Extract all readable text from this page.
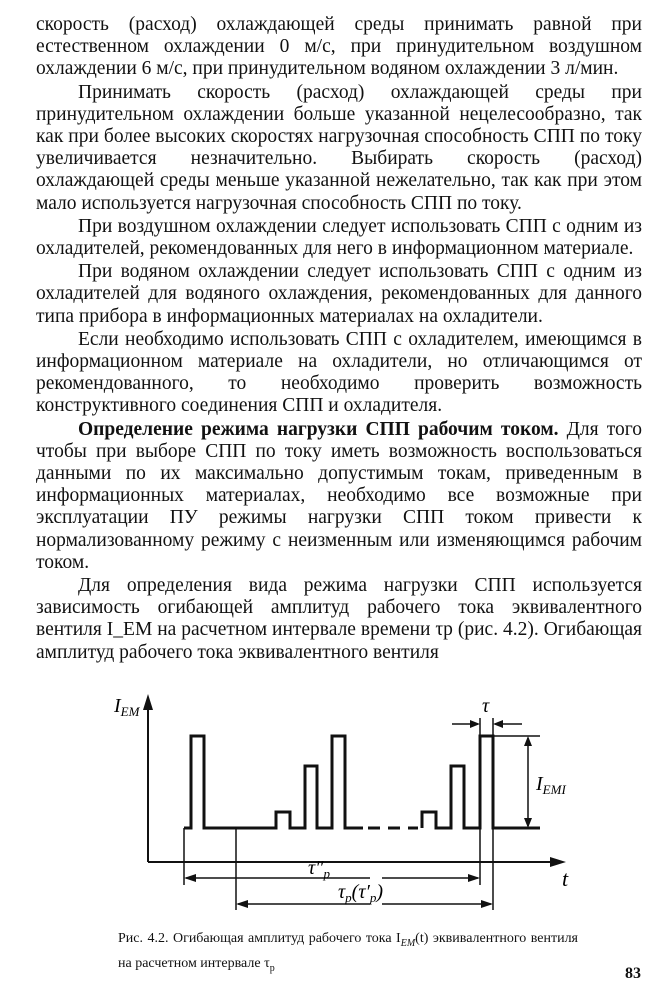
скорость (расход) охлаждающей среды принимать равной при естественном охлаждении 0 м/с, при принудительном воздушном охлаждении 6 м/с, при принудительном водяном охлаждении 3 л/мин.

Принимать скорость (расход) охлаждающей среды при принудительном охлаждении больше указанной нецелесообразно, так как при более высоких скоростях нагрузочная способность СПП по току увеличивается незначительно. Выбирать скорость (расход) охлаждающей среды меньше указанной нежелательно, так как при этом мало используется нагрузочная способность СПП по току.

При воздушном охлаждении следует использовать СПП с одним из охладителей, рекомендованных для него в информационном материале.

При водяном охлаждении следует использовать СПП с одним из охладителей для водяного охлаждения, рекомендованных для данного типа прибора в информационных материалах на охладители.

Если необходимо использовать СПП с охладителем, имеющимся в информационном материале на охладители, но отличающимся от рекомендованного, то необходимо проверить возможность конструктивного соединения СПП и охладителя.

Определение режима нагрузки СПП рабочим током. Для того чтобы при выборе СПП по току иметь возможность воспользоваться данными по их максимально допустимым токам, приведенным в информационных материалах, необходимо все возможные при эксплуатации ПУ режимы нагрузки СПП током привести к нормализованному режиму с неизменным или изменяющимся рабочим током.

Для определения вида режима нагрузки СПП используется зависимость огибающей амплитуд рабочего тока эквивалентного вентиля I_EM на расчетном интервале времени τр (рис. 4.2). Огибающая амплитуд рабочего тока эквивалентного вентиля

$I_{EM}$
t
τ
$I_{EMI}$
$\tau''_p$
$\tau_p(\tau'_p)$
Рис. 4.2. Огибающая амплитуд рабочего тока $I_{EM}(t)$ эквивалентного вентиля на расчетном интервале $\tau_р$	83
